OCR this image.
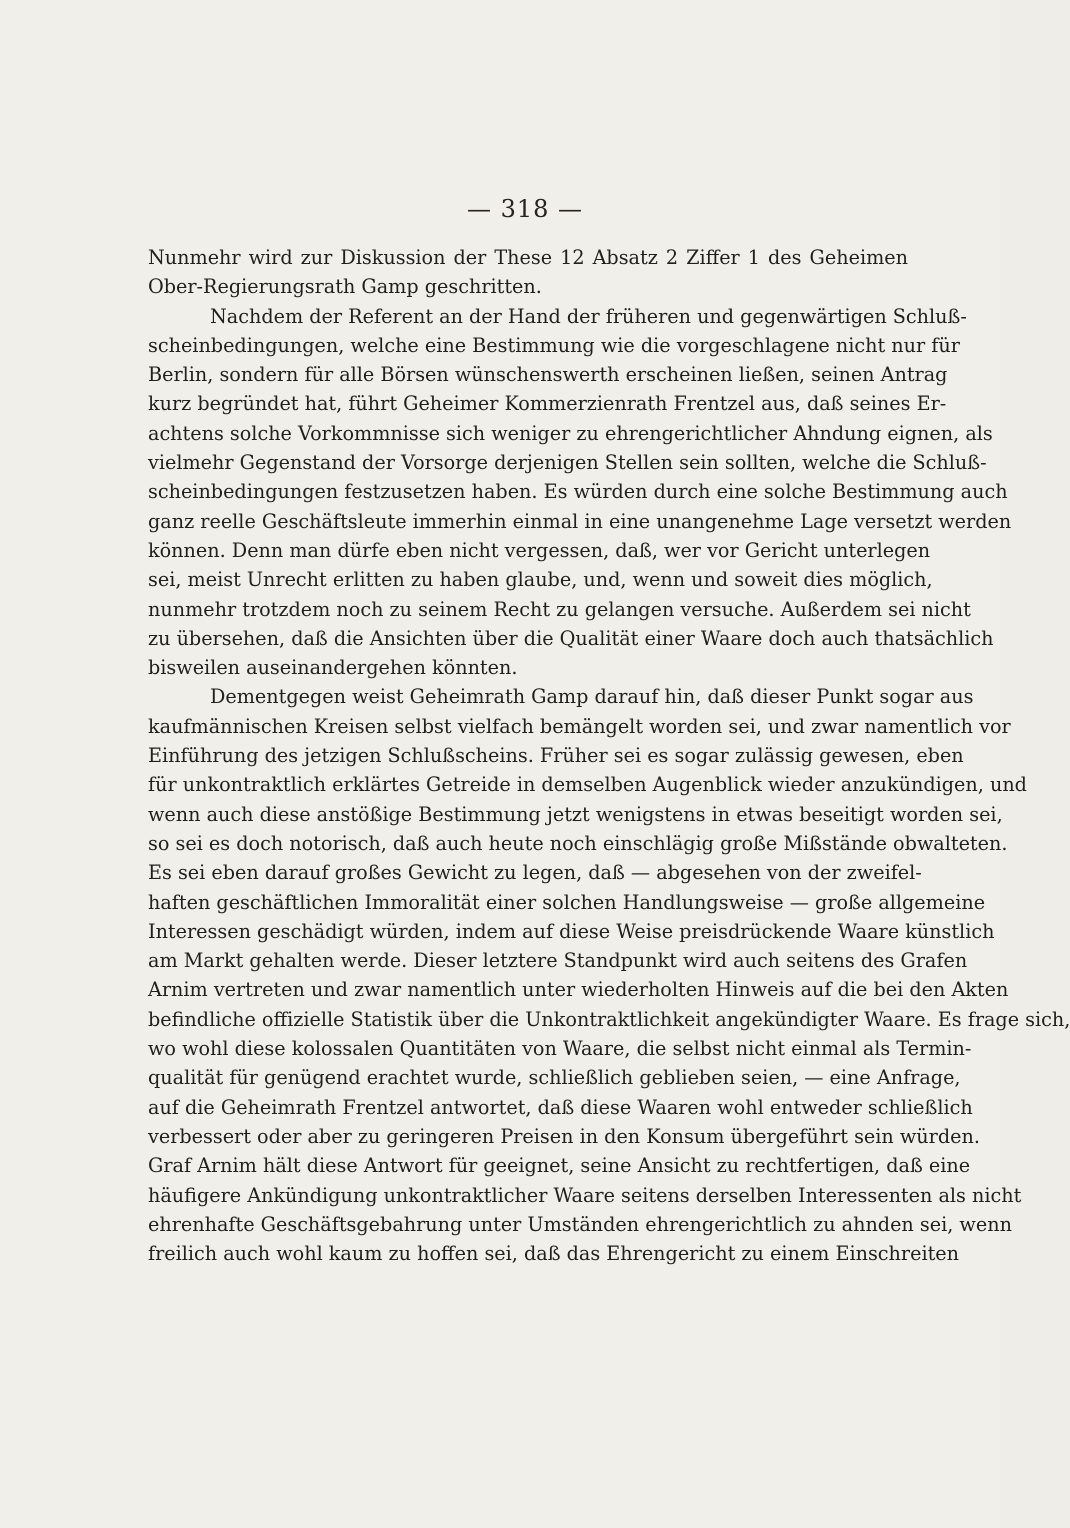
— 318 —
Nunmehr wird zur Diskussion der These 12 Absatz 2 Ziffer 1 des Geheimen
Ober-Regierungsrath Gamp geschritten.
Nachdem der Referent an der Hand der früheren und gegenwärtigen Schluß-
scheinbedingungen, welche eine Bestimmung wie die vorgeschlagene nicht nur für
Berlin, sondern für alle Börsen wünschenswerth erscheinen ließen, seinen Antrag
kurz begründet hat, führt Geheimer Kommerzienrath Frentzel aus, daß seines Er-
achtens solche Vorkommnisse sich weniger zu ehrengerichtlicher Ahndung eignen, als
vielmehr Gegenstand der Vorsorge derjenigen Stellen sein sollten, welche die Schluß-
scheinbedingungen festzusetzen haben. Es würden durch eine solche Bestimmung auch
ganz reelle Geschäftsleute immerhin einmal in eine unangenehme Lage versetzt werden
können. Denn man dürfe eben nicht vergessen, daß, wer vor Gericht unterlegen
sei, meist Unrecht erlitten zu haben glaube, und, wenn und soweit dies möglich,
nunmehr trotzdem noch zu seinem Recht zu gelangen versuche. Außerdem sei nicht
zu übersehen, daß die Ansichten über die Qualität einer Waare doch auch thatsächlich
bisweilen auseinandergehen könnten.
Dementgegen weist Geheimrath Gamp darauf hin, daß dieser Punkt sogar aus
kaufmännischen Kreisen selbst vielfach bemängelt worden sei, und zwar namentlich vor
Einführung des jetzigen Schlußscheins. Früher sei es sogar zulässig gewesen, eben
für unkontraktlich erklärtes Getreide in demselben Augenblick wieder anzukündigen, und
wenn auch diese anstößige Bestimmung jetzt wenigstens in etwas beseitigt worden sei,
so sei es doch notorisch, daß auch heute noch einschlägig große Mißstände obwalteten.
Es sei eben darauf großes Gewicht zu legen, daß — abgesehen von der zweifel-
haften geschäftlichen Immoralität einer solchen Handlungsweise — große allgemeine
Interessen geschädigt würden, indem auf diese Weise preisdrückende Waare künstlich
am Markt gehalten werde. Dieser letztere Standpunkt wird auch seitens des Grafen
Arnim vertreten und zwar namentlich unter wiederholten Hinweis auf die bei den Akten
befindliche offizielle Statistik über die Unkontraktlichkeit angekündigter Waare. Es frage sich,
wo wohl diese kolossalen Quantitäten von Waare, die selbst nicht einmal als Termin-
qualität für genügend erachtet wurde, schließlich geblieben seien, — eine Anfrage,
auf die Geheimrath Frentzel antwortet, daß diese Waaren wohl entweder schließlich
verbessert oder aber zu geringeren Preisen in den Konsum übergeführt sein würden.
Graf Arnim hält diese Antwort für geeignet, seine Ansicht zu rechtfertigen, daß eine
häufigere Ankündigung unkontraktlicher Waare seitens derselben Interessenten als nicht
ehrenhafte Geschäftsgebahrung unter Umständen ehrengerichtlich zu ahnden sei, wenn
freilich auch wohl kaum zu hoffen sei, daß das Ehrengericht zu einem Einschreiten
